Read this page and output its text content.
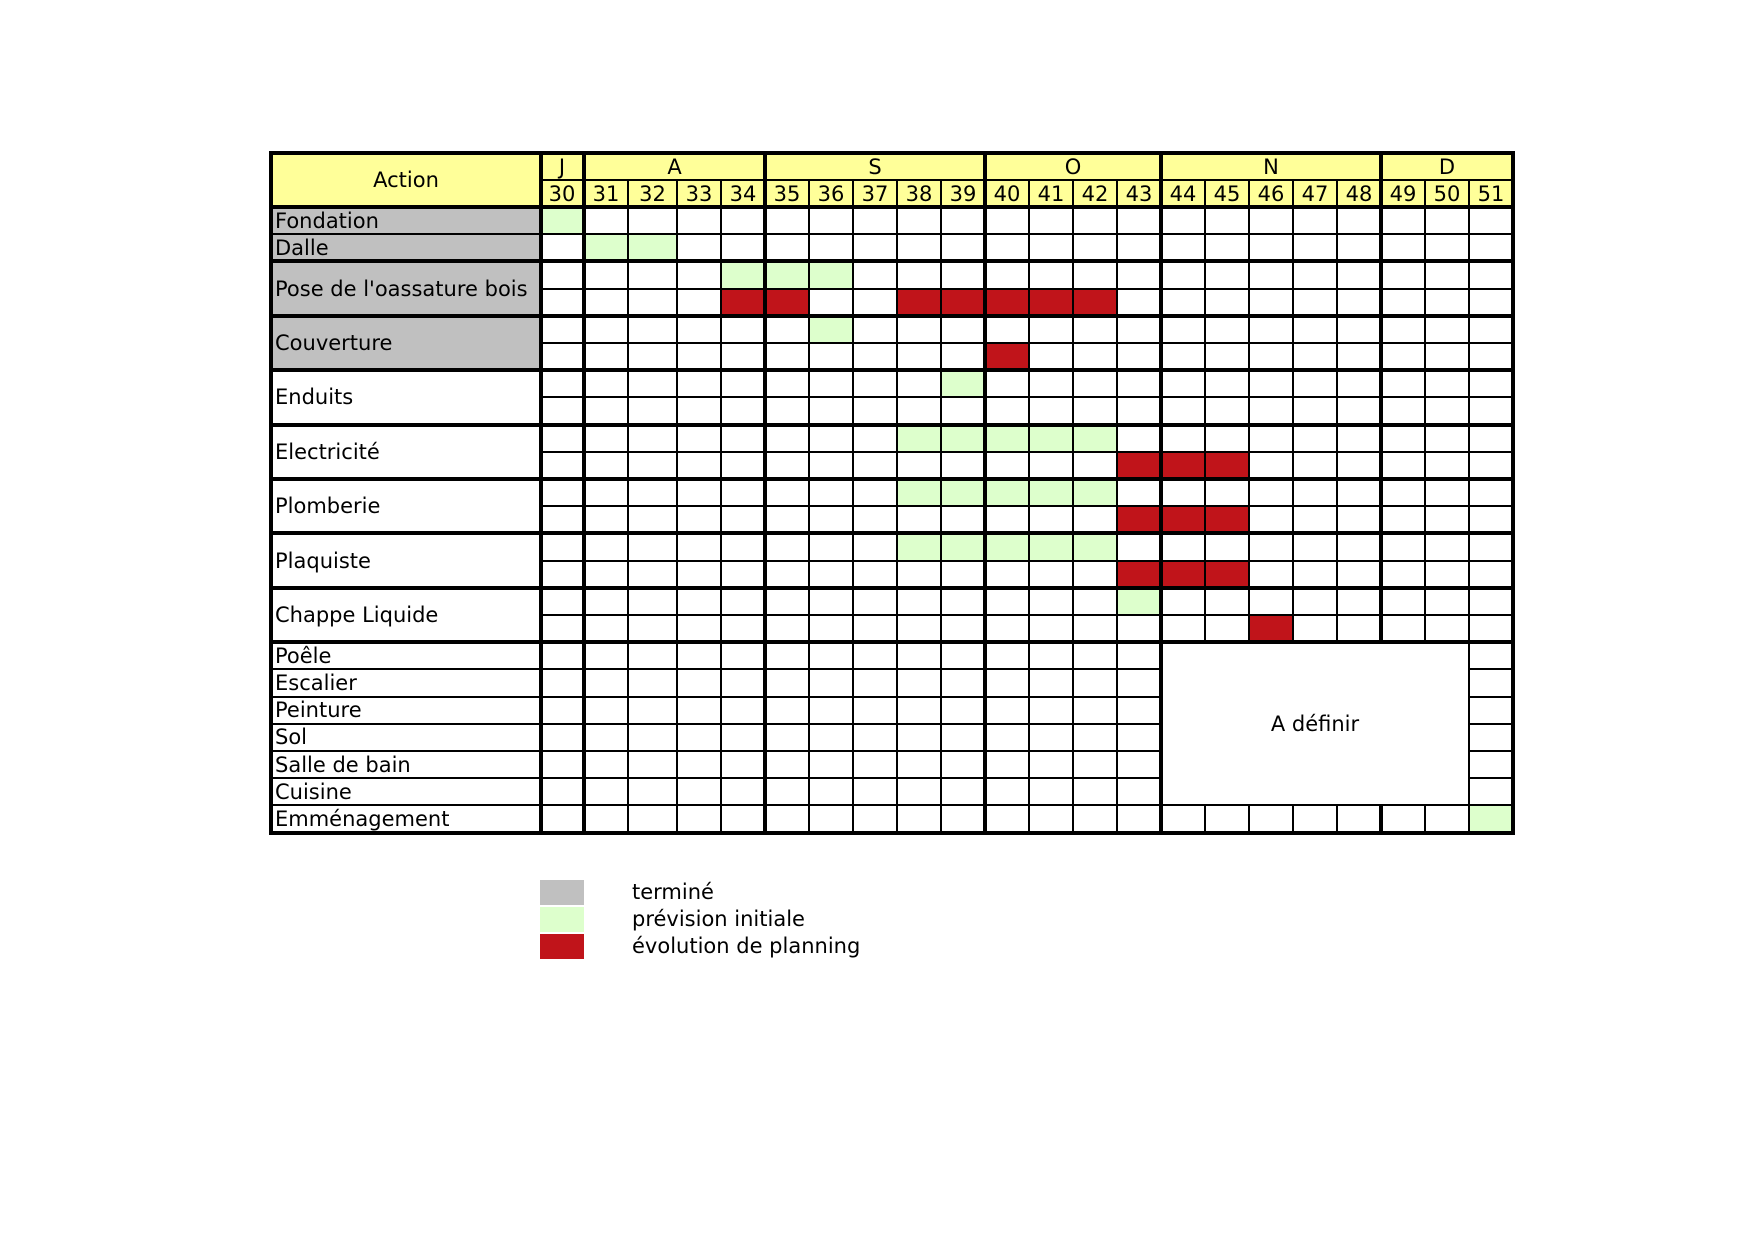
Action
J
30
A
31 32 33 34
S
35 36 37 38 39
O
40 41 42 43
N
44 45 46 47 48
D
49 50 51
Fondation
Dalle
Pose de l'oassature bois
Couverture
Enduits
Electricité
Plomberie
Plaquiste
Chappe Liquide
Poêle
Escalier
Peinture
Sol
Salle de bain
Cuisine
Emménagement
A définir
terminé
prévision initiale
évolution de planning
